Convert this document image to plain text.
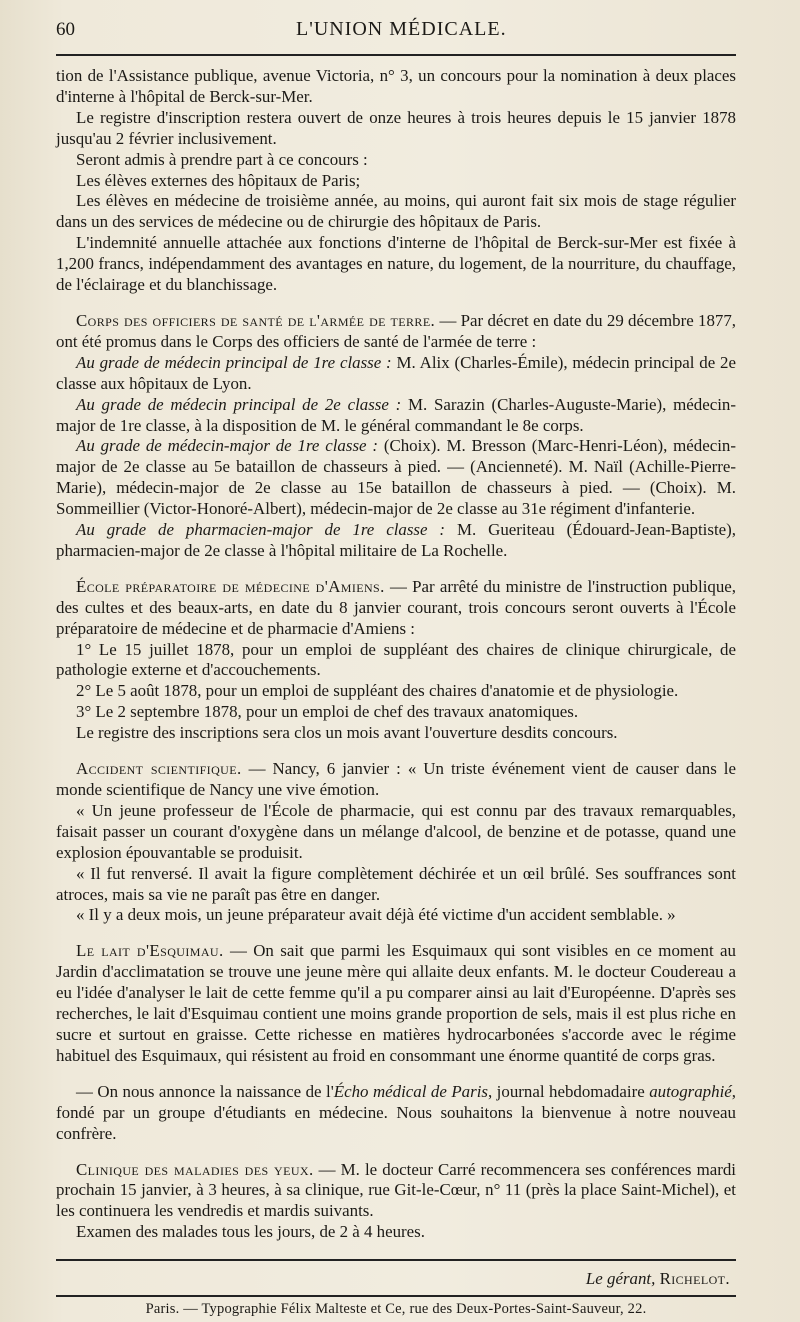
60	L'UNION MÉDICALE.

tion de l'Assistance publique, avenue Victoria, n° 3, un concours pour la nomination à deux places d'interne à l'hôpital de Berck-sur-Mer.

Le registre d'inscription restera ouvert de onze heures à trois heures depuis le 15 janvier 1878 jusqu'au 2 février inclusivement.

Seront admis à prendre part à ce concours :

Les élèves externes des hôpitaux de Paris;

Les élèves en médecine de troisième année, au moins, qui auront fait six mois de stage régulier dans un des services de médecine ou de chirurgie des hôpitaux de Paris.

L'indemnité annuelle attachée aux fonctions d'interne de l'hôpital de Berck-sur-Mer est fixée à 1,200 francs, indépendamment des avantages en nature, du logement, de la nourriture, du chauffage, de l'éclairage et du blanchissage.

Corps des officiers de santé de l'armée de terre. — Par décret en date du 29 décembre 1877, ont été promus dans le Corps des officiers de santé de l'armée de terre :

Au grade de médecin principal de 1re classe : M. Alix (Charles-Émile), médecin principal de 2e classe aux hôpitaux de Lyon.

Au grade de médecin principal de 2e classe : M. Sarazin (Charles-Auguste-Marie), médecin-major de 1re classe, à la disposition de M. le général commandant le 8e corps.

Au grade de médecin-major de 1re classe : (Choix). M. Bresson (Marc-Henri-Léon), médecin-major de 2e classe au 5e bataillon de chasseurs à pied. — (Ancienneté). M. Naïl (Achille-Pierre-Marie), médecin-major de 2e classe au 15e bataillon de chasseurs à pied. — (Choix). M. Sommeillier (Victor-Honoré-Albert), médecin-major de 2e classe au 31e régiment d'infanterie.

Au grade de pharmacien-major de 1re classe : M. Gueriteau (Édouard-Jean-Baptiste), pharmacien-major de 2e classe à l'hôpital militaire de La Rochelle.

École préparatoire de médecine d'Amiens. — Par arrêté du ministre de l'instruction publique, des cultes et des beaux-arts, en date du 8 janvier courant, trois concours seront ouverts à l'École préparatoire de médecine et de pharmacie d'Amiens :

1° Le 15 juillet 1878, pour un emploi de suppléant des chaires de clinique chirurgicale, de pathologie externe et d'accouchements.

2° Le 5 août 1878, pour un emploi de suppléant des chaires d'anatomie et de physiologie.

3° Le 2 septembre 1878, pour un emploi de chef des travaux anatomiques.

Le registre des inscriptions sera clos un mois avant l'ouverture desdits concours.

Accident scientifique. — Nancy, 6 janvier : « Un triste événement vient de causer dans le monde scientifique de Nancy une vive émotion.

« Un jeune professeur de l'École de pharmacie, qui est connu par des travaux remarquables, faisait passer un courant d'oxygène dans un mélange d'alcool, de benzine et de potasse, quand une explosion épouvantable se produisit.

« Il fut renversé. Il avait la figure complètement déchirée et un œil brûlé. Ses souffrances sont atroces, mais sa vie ne paraît pas être en danger.

« Il y a deux mois, un jeune préparateur avait déjà été victime d'un accident semblable. »

Le lait d'Esquimau. — On sait que parmi les Esquimaux qui sont visibles en ce moment au Jardin d'acclimatation se trouve une jeune mère qui allaite deux enfants. M. le docteur Coudereau a eu l'idée d'analyser le lait de cette femme qu'il a pu comparer ainsi au lait d'Européenne. D'après ses recherches, le lait d'Esquimau contient une moins grande proportion de sels, mais il est plus riche en sucre et surtout en graisse. Cette richesse en matières hydrocarbonées s'accorde avec le régime habituel des Esquimaux, qui résistent au froid en consommant une énorme quantité de corps gras.

— On nous annonce la naissance de l'Écho médical de Paris, journal hebdomadaire autographié, fondé par un groupe d'étudiants en médecine. Nous souhaitons la bienvenue à notre nouveau confrère.

Clinique des maladies des yeux. — M. le docteur Carré recommencera ses conférences mardi prochain 15 janvier, à 3 heures, à sa clinique, rue Git-le-Cœur, n° 11 (près la place Saint-Michel), et les continuera les vendredis et mardis suivants.

Examen des malades tous les jours, de 2 à 4 heures.

Le gérant, Richelot.
Paris. — Typographie Félix Malteste et Ce, rue des Deux-Portes-Saint-Sauveur, 22.
